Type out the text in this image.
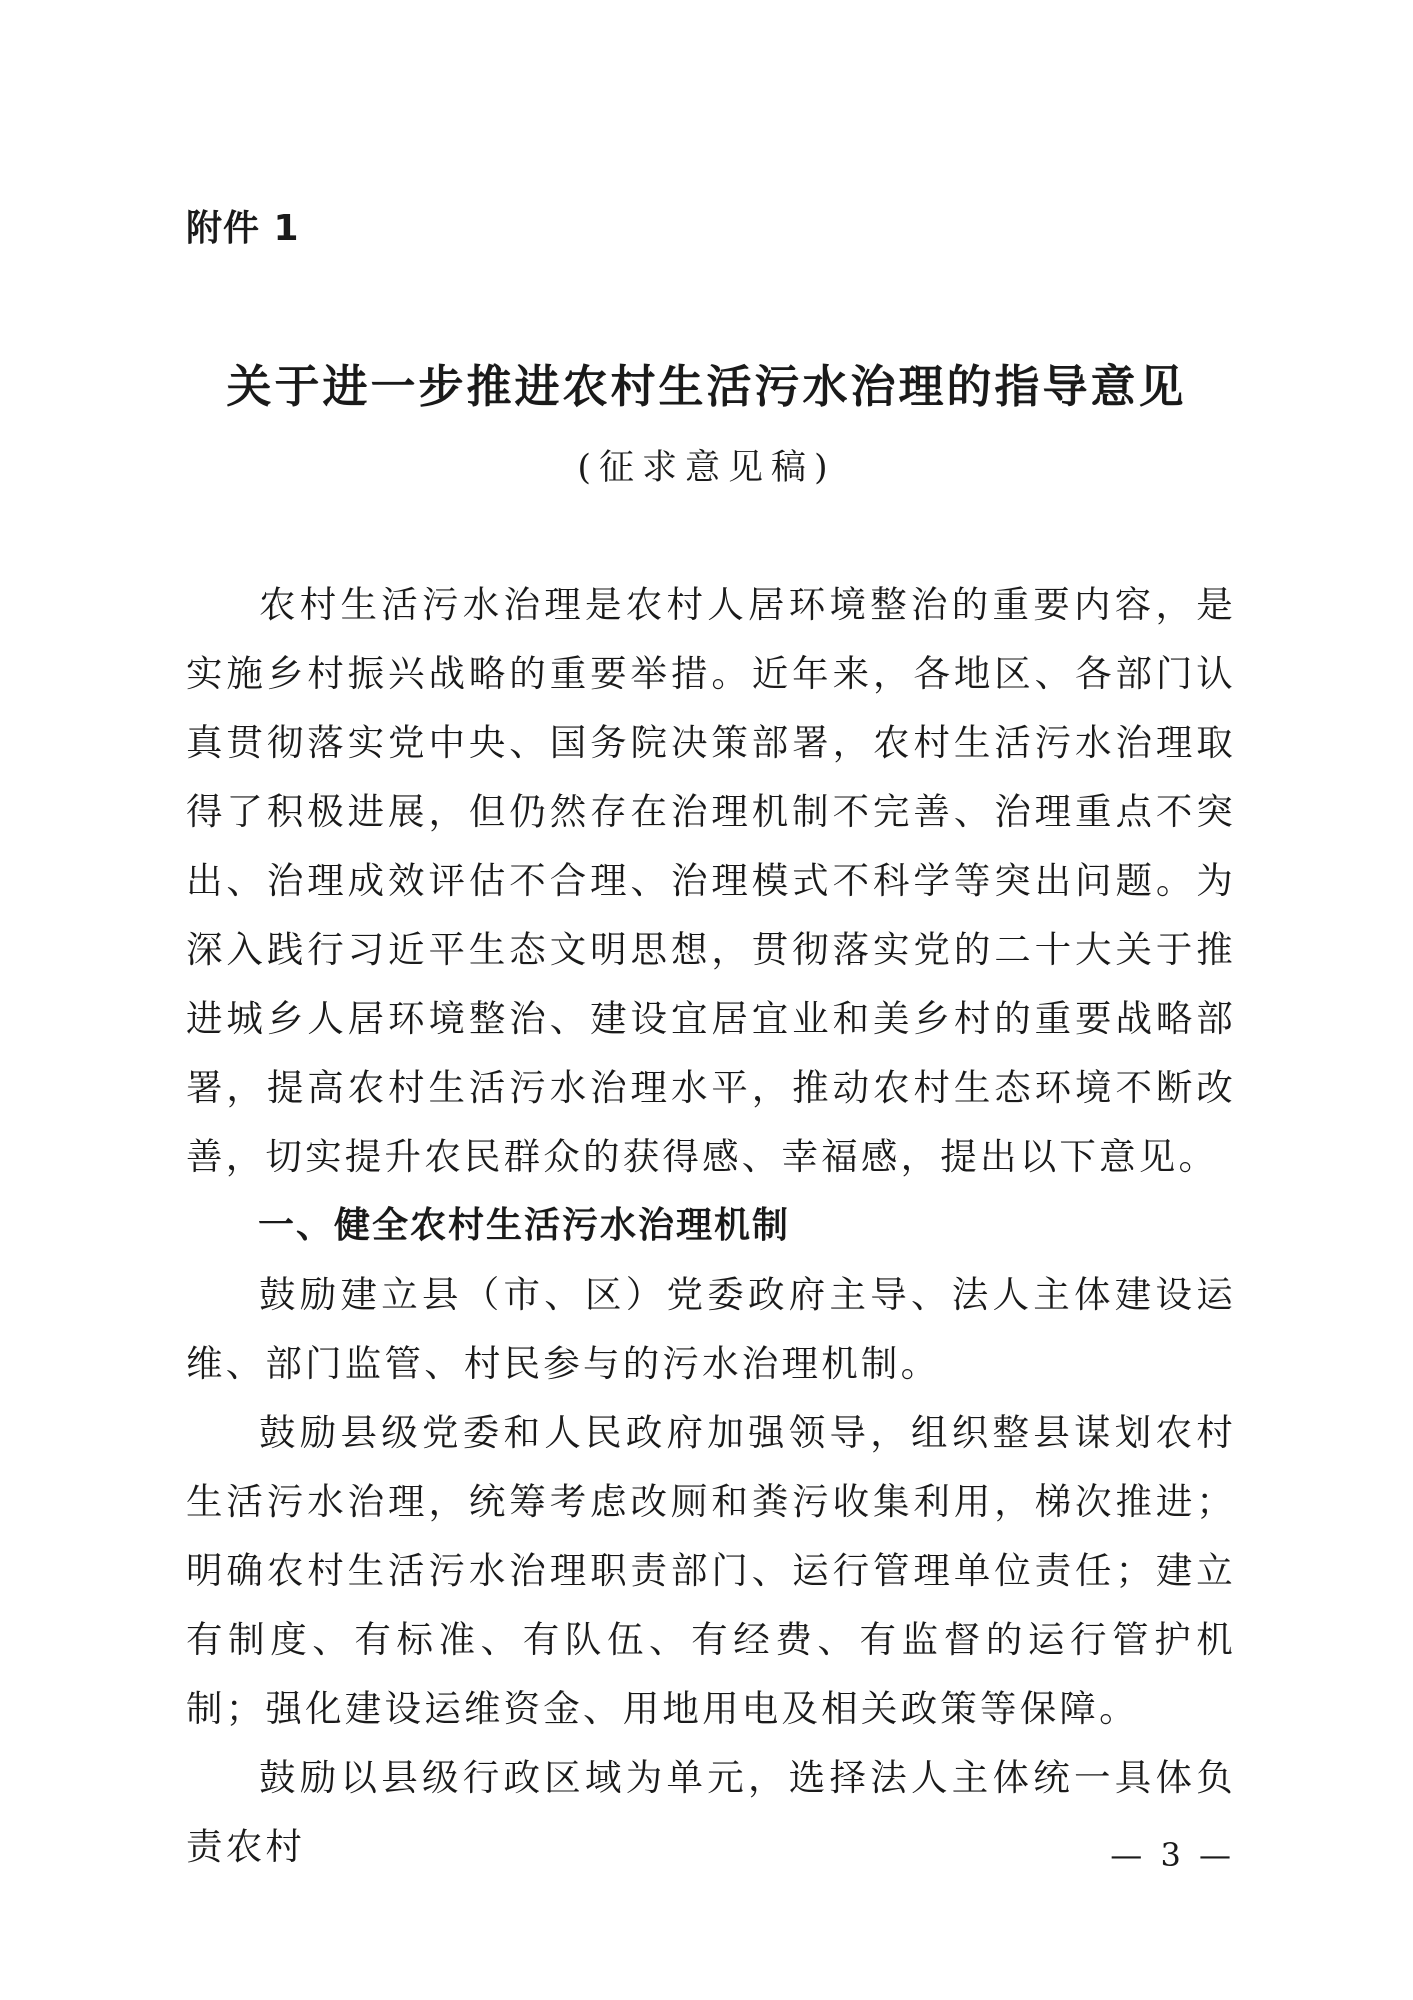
附件 1
关于进一步推进农村生活污水治理的指导意见
(征求意见稿)

农村生活污水治理是农村人居环境整治的重要内容，是实施乡村振兴战略的重要举措。近年来，各地区、各部门认真贯彻落实党中央、国务院决策部署，农村生活污水治理取得了积极进展，但仍然存在治理机制不完善、治理重点不突出、治理成效评估不合理、治理模式不科学等突出问题。为深入践行习近平生态文明思想，贯彻落实党的二十大关于推进城乡人居环境整治、建设宜居宜业和美乡村的重要战略部署，提高农村生活污水治理水平，推动农村生态环境不断改善，切实提升农民群众的获得感、幸福感，提出以下意见。

一、健全农村生活污水治理机制

鼓励建立县（市、区）党委政府主导、法人主体建设运维、部门监管、村民参与的污水治理机制。

鼓励县级党委和人民政府加强领导，组织整县谋划农村生活污水治理，统筹考虑改厕和粪污收集利用，梯次推进；明确农村生活污水治理职责部门、运行管理单位责任；建立有制度、有标准、有队伍、有经费、有监督的运行管护机制；强化建设运维资金、用地用电及相关政策等保障。

鼓励以县级行政区域为单元，选择法人主体统一具体负责农村	— 3 —
